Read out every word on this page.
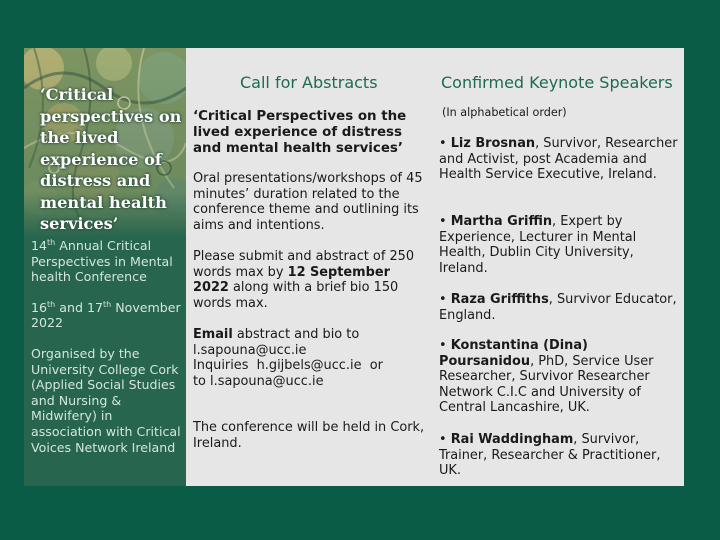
‘Critical perspectives on the lived experience of distress and mental health services’

14th Annual Critical Perspectives in Mental health Conference

16th and 17th November 2022

Organised by the University College Cork (Applied Social Studies and Nursing & Midwifery) in association with Critical Voices Network Ireland

Call for Abstracts
‘Critical Perspectives on the lived experience of distress and mental health services’
Oral presentations/workshops of 45 minutes’ duration related to the conference theme and outlining its aims and intentions.
Please submit and abstract of 250 words max by 12 September 2022 along with a brief bio 150 words max.
Email abstract and bio to
l.sapouna@ucc.ie
Inquiries  h.gijbels@ucc.ie  or
to l.sapouna@ucc.ie
The conference will be held in Cork, Ireland.
Confirmed Keynote Speakers
(In alphabetical order)
• Liz Brosnan, Survivor, Researcher and Activist, post Academia and Health Service Executive, Ireland.
• Martha Griffin, Expert by Experience, Lecturer in Mental Health, Dublin City University, Ireland.
• Raza Griffiths, Survivor Educator, England.
• Konstantina (Dina) Poursanidou, PhD, Service User Researcher, Survivor Researcher Network C.I.C and University of Central Lancashire, UK.
• Rai Waddingham, Survivor, Trainer, Researcher & Practitioner, UK.
